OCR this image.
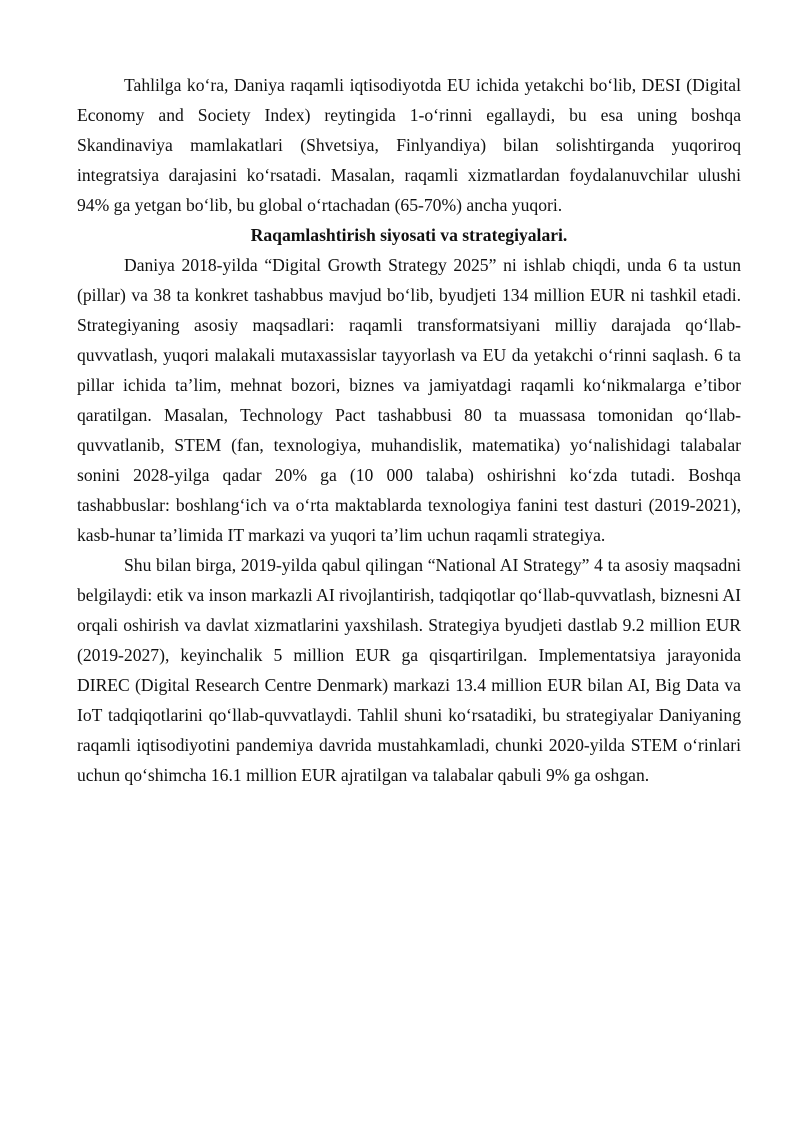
Tahlilga ko‘ra, Daniya raqamli iqtisodiyotda EU ichida yetakchi bo‘lib, DESI (Digital Economy and Society Index) reytingida 1-o‘rinni egallaydi, bu esa uning boshqa Skandinaviya mamlakatlari (Shvetsiya, Finlyandiya) bilan solishtirganda yuqoriroq integratsiya darajasini ko‘rsatadi. Masalan, raqamli xizmatlardan foydalanuvchilar ulushi 94% ga yetgan bo‘lib, bu global o‘rtachadan (65-70%) ancha yuqori.

Raqamlashtirish siyosati va strategiyalari.

Daniya 2018-yilda “Digital Growth Strategy 2025” ni ishlab chiqdi, unda 6 ta ustun (pillar) va 38 ta konkret tashabbus mavjud bo‘lib, byudjeti 134 million EUR ni tashkil etadi. Strategiyaning asosiy maqsadlari: raqamli transformatsiyani milliy darajada qo‘llab-quvvatlash, yuqori malakali mutaxassislar tayyorlash va EU da yetakchi o‘rinni saqlash. 6 ta pillar ichida ta’lim, mehnat bozori, biznes va jamiyatdagi raqamli ko‘nikmalarga e’tibor qaratilgan. Masalan, Technology Pact tashabbusi 80 ta muassasa tomonidan qo‘llab-quvvatlanib, STEM (fan, texnologiya, muhandislik, matematika) yo‘nalishidagi talabalar sonini 2028-yilga qadar 20% ga (10 000 talaba) oshirishni ko‘zda tutadi. Boshqa tashabbuslar: boshlang‘ich va o‘rta maktablarda texnologiya fanini test dasturi (2019-2021), kasb-hunar ta’limida IT markazi va yuqori ta’lim uchun raqamli strategiya.

Shu bilan birga, 2019-yilda qabul qilingan “National AI Strategy” 4 ta asosiy maqsadni belgilaydi: etik va inson markazli AI rivojlantirish, tadqiqotlar qo‘llab-quvvatlash, biznesni AI orqali oshirish va davlat xizmatlarini yaxshilash. Strategiya byudjeti dastlab 9.2 million EUR (2019-2027), keyinchalik 5 million EUR ga qisqartirilgan. Implementatsiya jarayonida DIREC (Digital Research Centre Denmark) markazi 13.4 million EUR bilan AI, Big Data va IoT tadqiqotlarini qo‘llab-quvvatlaydi. Tahlil shuni ko‘rsatadiki, bu strategiyalar Daniyaning raqamli iqtisodiyotini pandemiya davrida mustahkamladi, chunki 2020-yilda STEM o‘rinlari uchun qo‘shimcha 16.1 million EUR ajratilgan va talabalar qabuli 9% ga oshgan.
